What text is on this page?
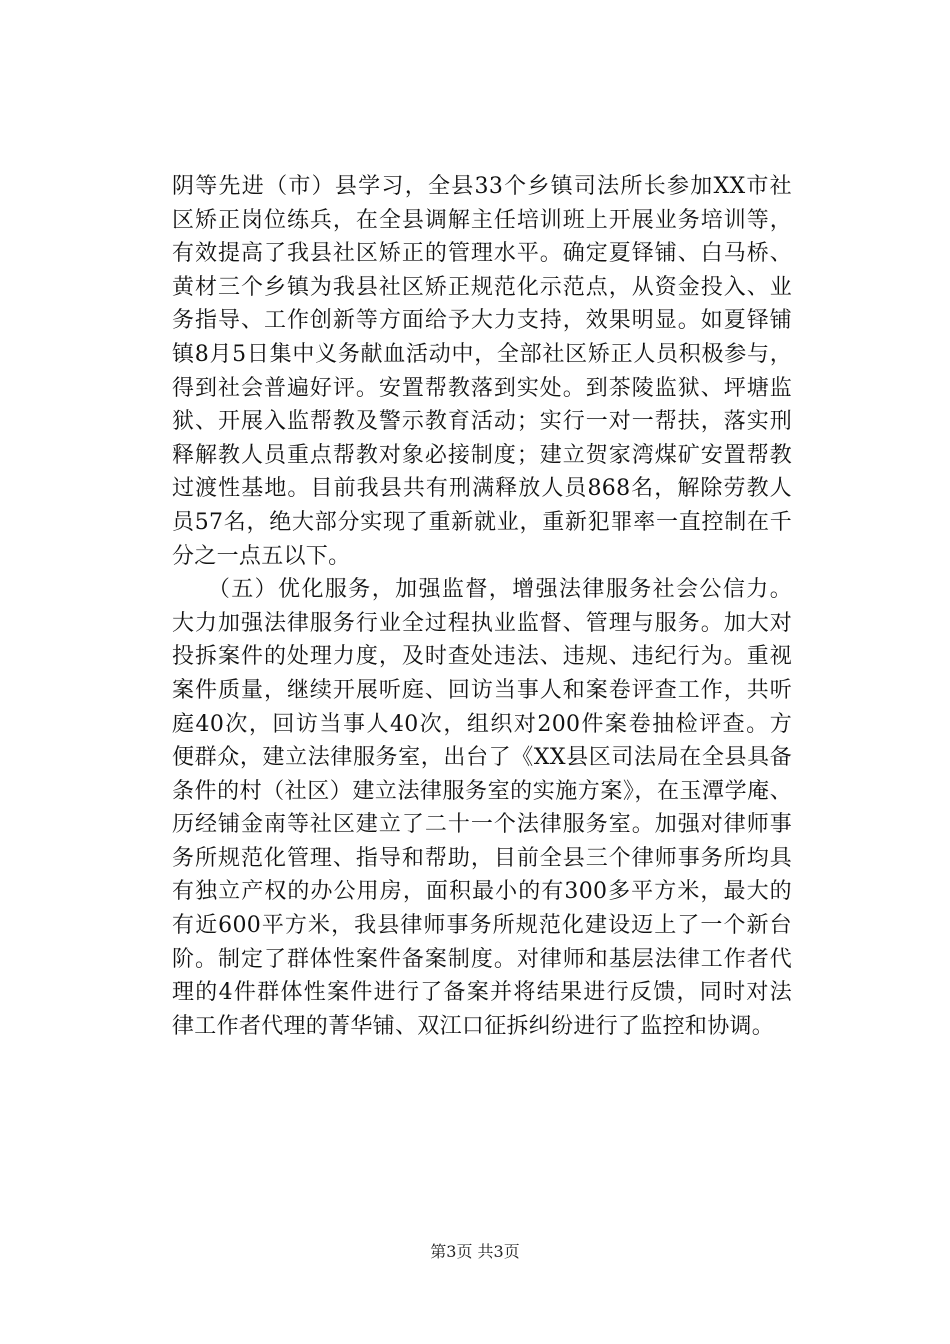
阴等先进（市）县学习，全县33个乡镇司法所长参加XX市社
区矫正岗位练兵，在全县调解主任培训班上开展业务培训等，
有效提高了我县社区矫正的管理水平。确定夏铎铺、白马桥、
黄材三个乡镇为我县社区矫正规范化示范点，从资金投入、业
务指导、工作创新等方面给予大力支持，效果明显。如夏铎铺
镇8月5日集中义务献血活动中，全部社区矫正人员积极参与，
得到社会普遍好评。安置帮教落到实处。到茶陵监狱、坪塘监
狱、开展入监帮教及警示教育活动；实行一对一帮扶，落实刑
释解教人员重点帮教对象必接制度；建立贺家湾煤矿安置帮教
过渡性基地。目前我县共有刑满释放人员868名，解除劳教人
员57名，绝大部分实现了重新就业，重新犯罪率一直控制在千
分之一点五以下。
　　（五）优化服务，加强监督，增强法律服务社会公信力。
大力加强法律服务行业全过程执业监督、管理与服务。加大对
投拆案件的处理力度，及时查处违法、违规、违纪行为。重视
案件质量，继续开展听庭、回访当事人和案卷评查工作，共听
庭40次，回访当事人40次，组织对200件案卷抽检评查。方
便群众，建立法律服务室，出台了《XX县区司法局在全县具备
条件的村（社区）建立法律服务室的实施方案》，在玉潭学庵、
历经铺金南等社区建立了二十一个法律服务室。加强对律师事
务所规范化管理、指导和帮助，目前全县三个律师事务所均具
有独立产权的办公用房，面积最小的有300多平方米，最大的
有近600平方米，我县律师事务所规范化建设迈上了一个新台
阶。制定了群体性案件备案制度。对律师和基层法律工作者代
理的4件群体性案件进行了备案并将结果进行反馈，同时对法
律工作者代理的菁华铺、双江口征拆纠纷进行了监控和协调。
第3页 共3页
